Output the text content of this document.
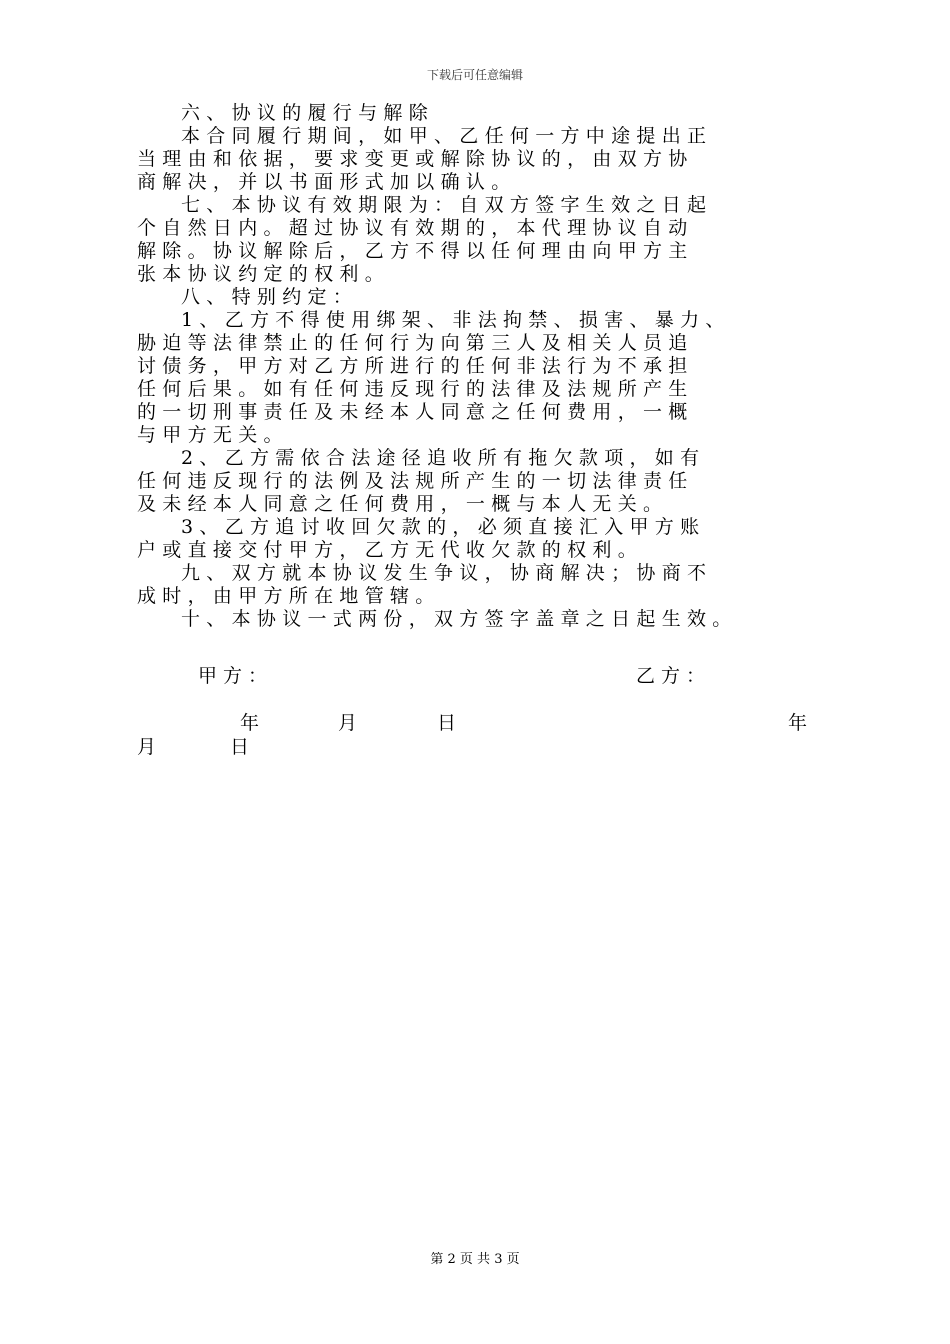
下载后可任意编辑
六、协议的履行与解除
本合同履行期间，如甲、乙任何一方中途提出正
当理由和依据，要求变更或解除协议的，由双方协
商解决，并以书面形式加以确认。
七、本协议有效期限为：自双方签字生效之日起
个自然日内。超过协议有效期的，本代理协议自动
解除。协议解除后，乙方不得以任何理由向甲方主
张本协议约定的权利。
八、特别约定：
1、乙方不得使用绑架、非法拘禁、损害、暴力、
胁迫等法律禁止的任何行为向第三人及相关人员追
讨债务，甲方对乙方所进行的任何非法行为不承担
任何后果。如有任何违反现行的法律及法规所产生
的一切刑事责任及未经本人同意之任何费用，一概
与甲方无关。
2、乙方需依合法途径追收所有拖欠款项，如有
任何违反现行的法例及法规所产生的一切法律责任
及未经本人同意之任何费用，一概与本人无关。
3、乙方追讨收回欠款的，必须直接汇入甲方账
户或直接交付甲方，乙方无代收欠款的权利。
九、双方就本协议发生争议，协商解决；协商不
成时，由甲方所在地管辖。
十、本协议一式两份，双方签字盖章之日起生效。
甲方：	乙方：
年	月	日	年
月	日
第 2 页 共 3 页
